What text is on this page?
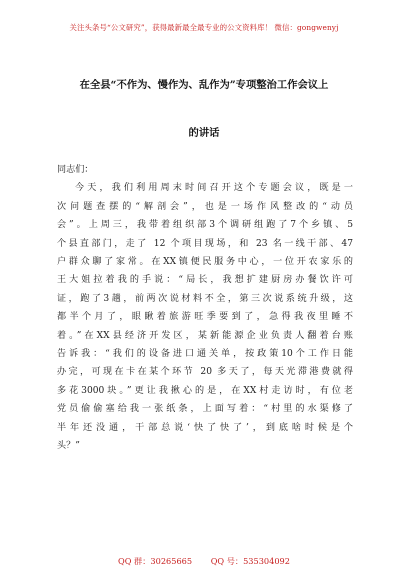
关注头条号“公文研究”，获得最新最全最专业的公文资料库！ 微信：gongwenyj
在全县“不作为、慢作为、乱作为”专项整治工作会议上
的讲话

同志们：

今天，我们利用周末时间召开这个专题会议，既是一

次问题查摆的“解剖会”，也是一场作风整改的“动员

会”。上周三，我带着组织部3个调研组跑了7个乡镇、5

个县直部门，走了 12 个项目现场，和 23 名一线干部、47

户群众聊了家常。在XX镇便民服务中心，一位开农家乐的

王大姐拉着我的手说：“局长，我想扩建厨房办餐饮许可

证，跑了3趟，前两次说材料不全，第三次说系统升级，这

都半个月了，眼瞅着旅游旺季要到了，急得我夜里睡不

着。”在XX县经济开发区，某新能源企业负责人翻着台账

告诉我：“我们的设备进口通关单，按政策10个工作日能

办完，可现在卡在某个环节 20 多天了，每天光滞港费就得

多花3000块。”更让我揪心的是，在XX村走访时，有位老

党员偷偷塞给我一张纸条，上面写着：“村里的水渠修了

半年还没通，干部总说‘快了快了’，到底啥时候是个

头？”

QQ 群：30265665 QQ 号：535304092
